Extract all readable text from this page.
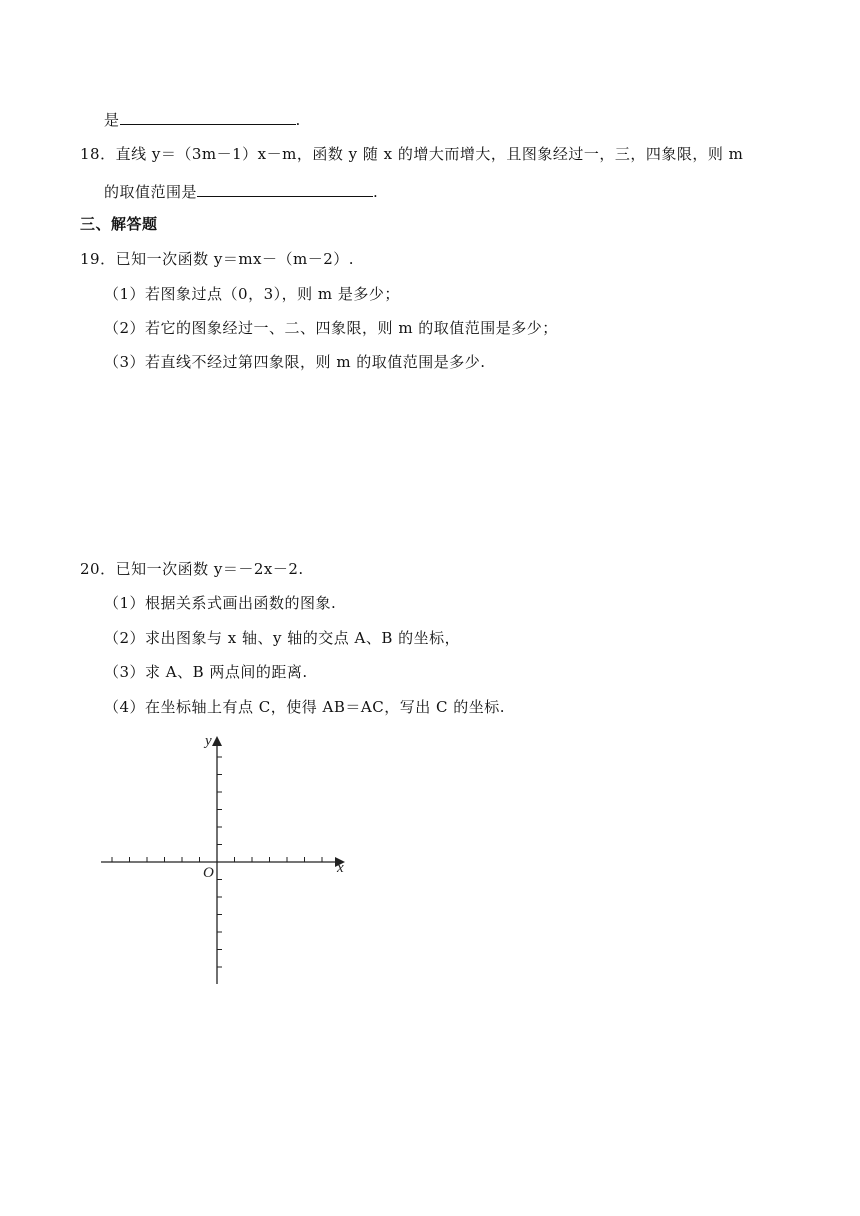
是	.
18．直线 y＝（3m－1）x－m，函数 y 随 x 的增大而增大，且图象经过一，三，四象限，则 m
的取值范围是	.
三、解答题
19．已知一次函数 y＝mx－（m－2）.
（1）若图象过点（0，3），则 m 是多少；
（2）若它的图象经过一、二、四象限，则 m 的取值范围是多少；
（3）若直线不经过第四象限，则 m 的取值范围是多少.
20．已知一次函数 y＝－2x－2.
（1）根据关系式画出函数的图象.
（2）求出图象与 x 轴、y 轴的交点 A、B 的坐标，
（3）求 A、B 两点间的距离.
（4）在坐标轴上有点 C，使得 AB＝AC，写出 C 的坐标.
x
y
O
